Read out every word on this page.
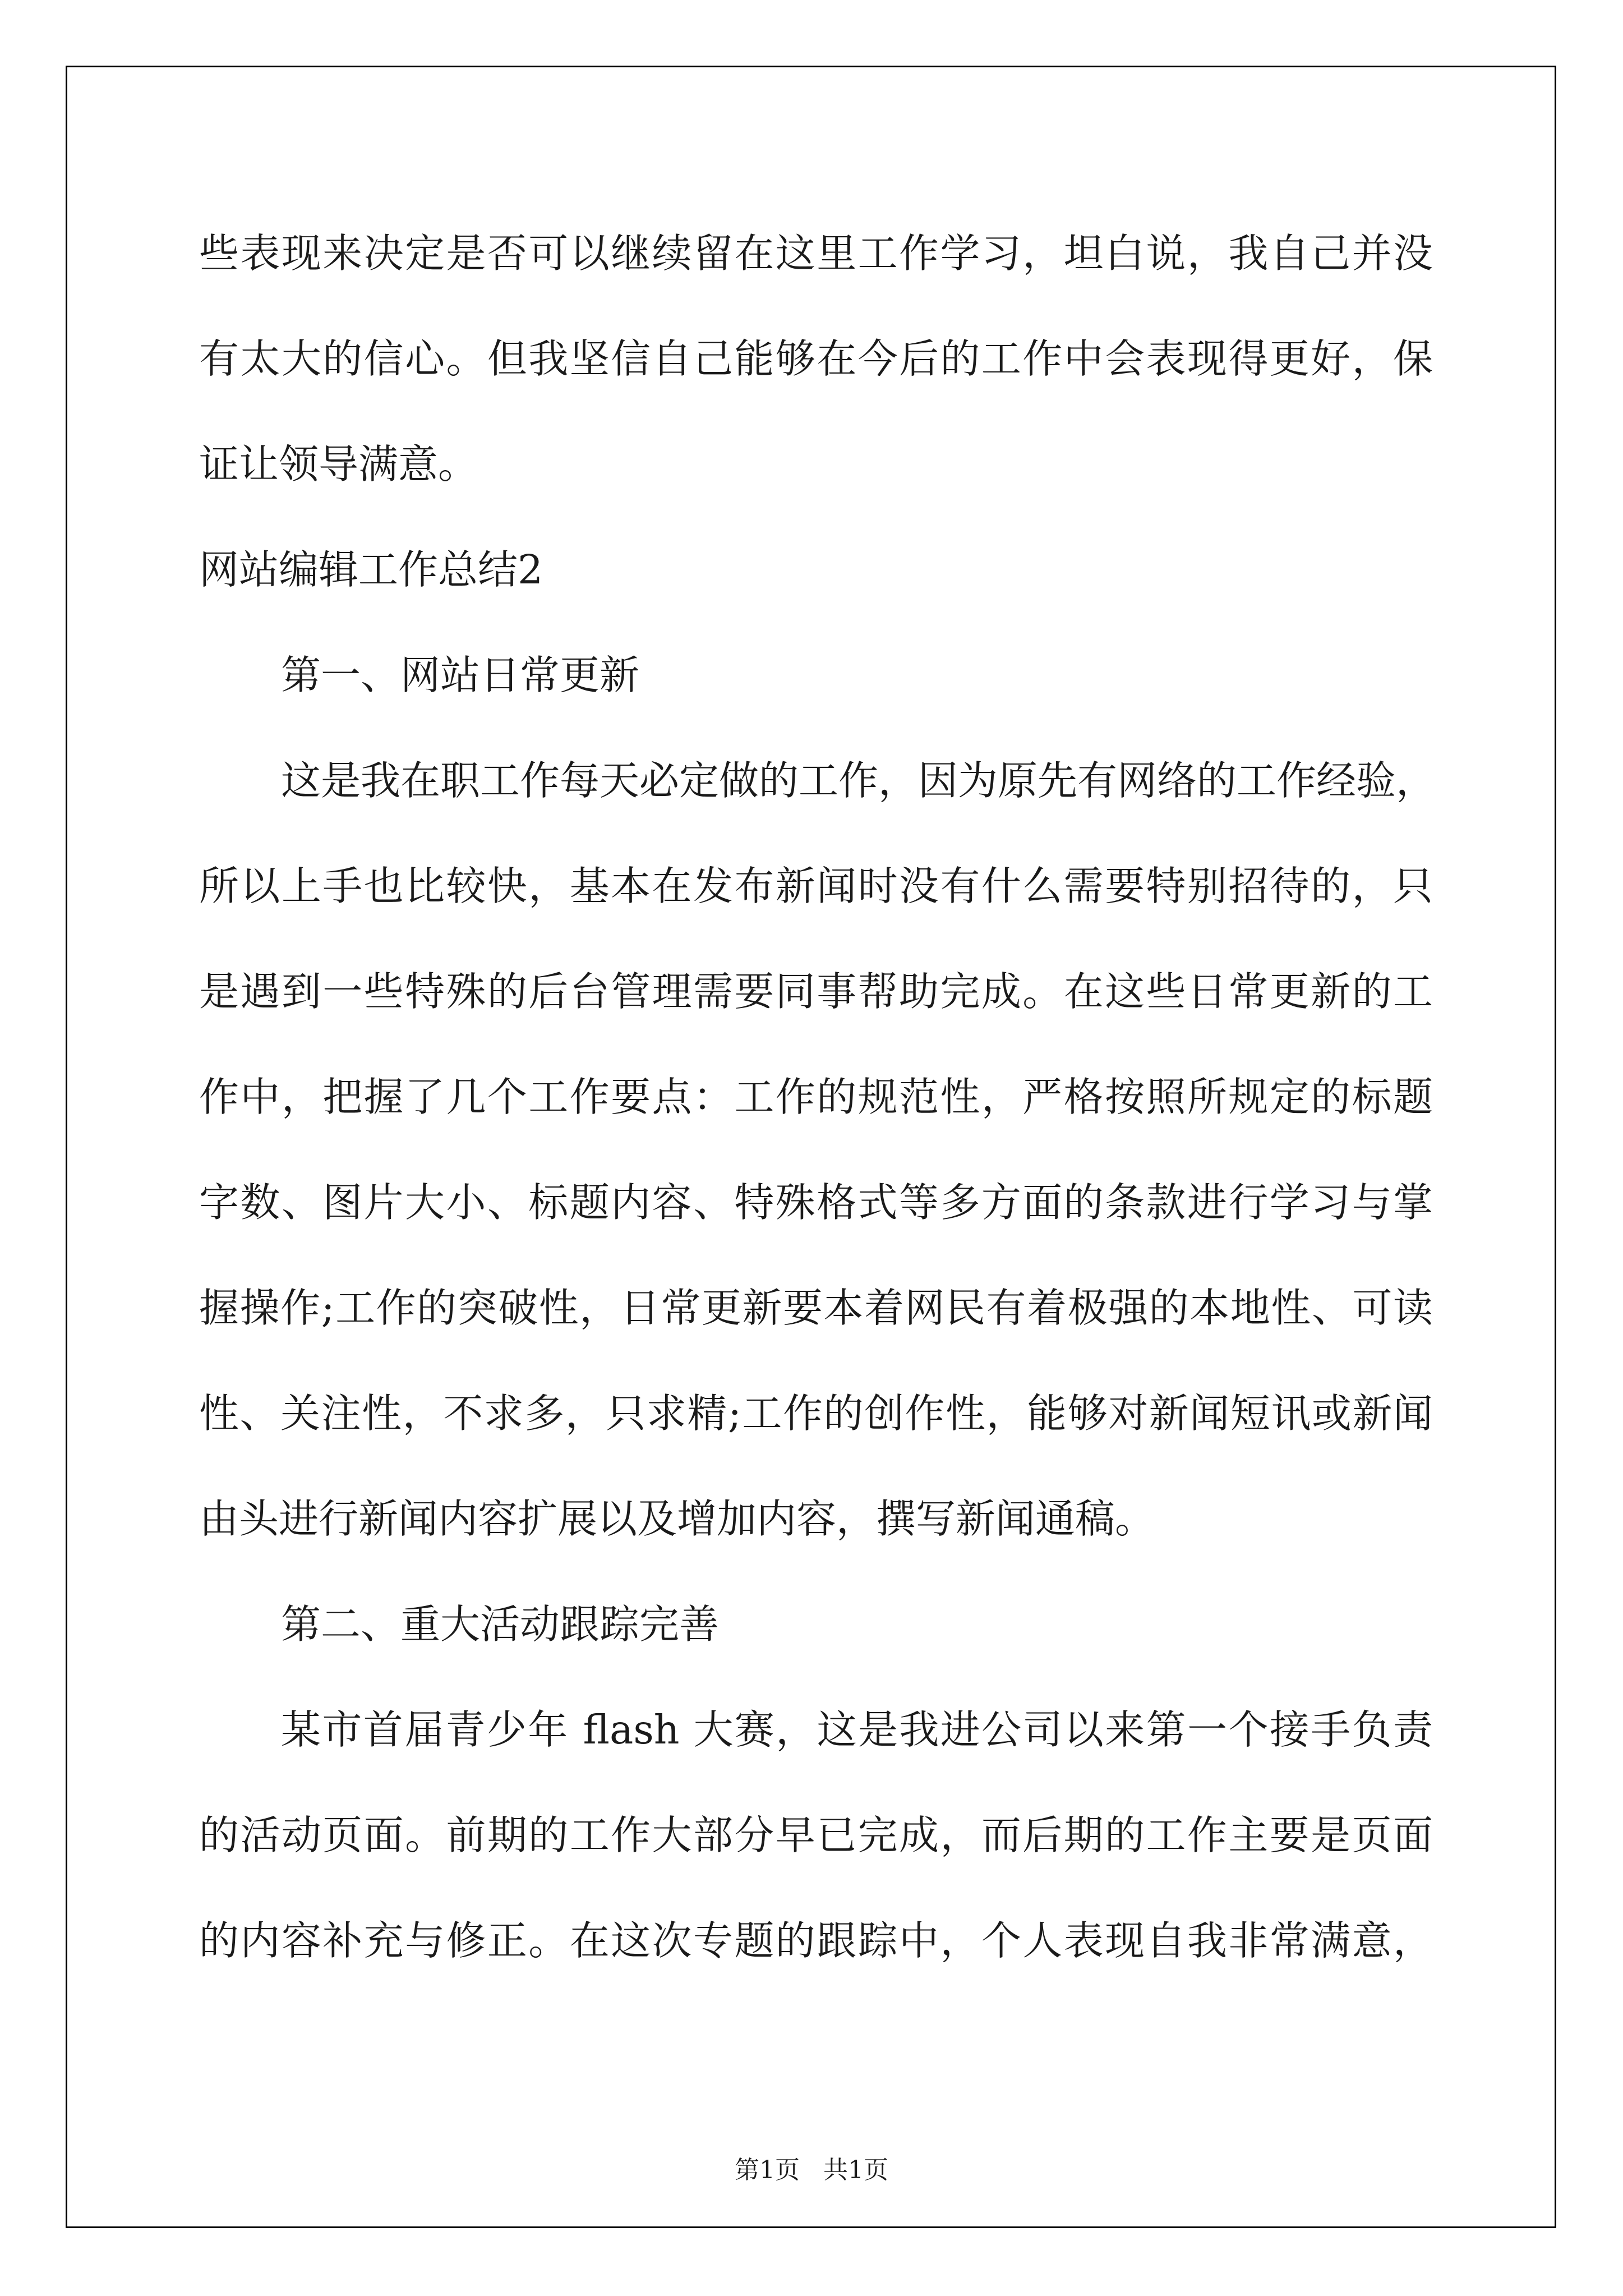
些表现来决定是否可以继续留在这里工作学习，坦白说，我自己并没
有太大的信心。但我坚信自己能够在今后的工作中会表现得更好，保
证让领导满意。
网站编辑工作总结2
第一、网站日常更新
这是我在职工作每天必定做的工作，因为原先有网络的工作经验，
所以上手也比较快，基本在发布新闻时没有什么需要特别招待的，只
是遇到一些特殊的后台管理需要同事帮助完成。在这些日常更新的工
作中，把握了几个工作要点：工作的规范性，严格按照所规定的标题
字数、图片大小、标题内容、特殊格式等多方面的条款进行学习与掌
握操作;工作的突破性，日常更新要本着网民有着极强的本地性、可读
性、关注性，不求多，只求精;工作的创作性，能够对新闻短讯或新闻
由头进行新闻内容扩展以及增加内容，撰写新闻通稿。
第二、重大活动跟踪完善
某市首届青少年 flash 大赛，这是我进公司以来第一个接手负责
的活动页面。前期的工作大部分早已完成，而后期的工作主要是页面
的内容补充与修正。在这次专题的跟踪中，个人表现自我非常满意，
第1页   共1页
